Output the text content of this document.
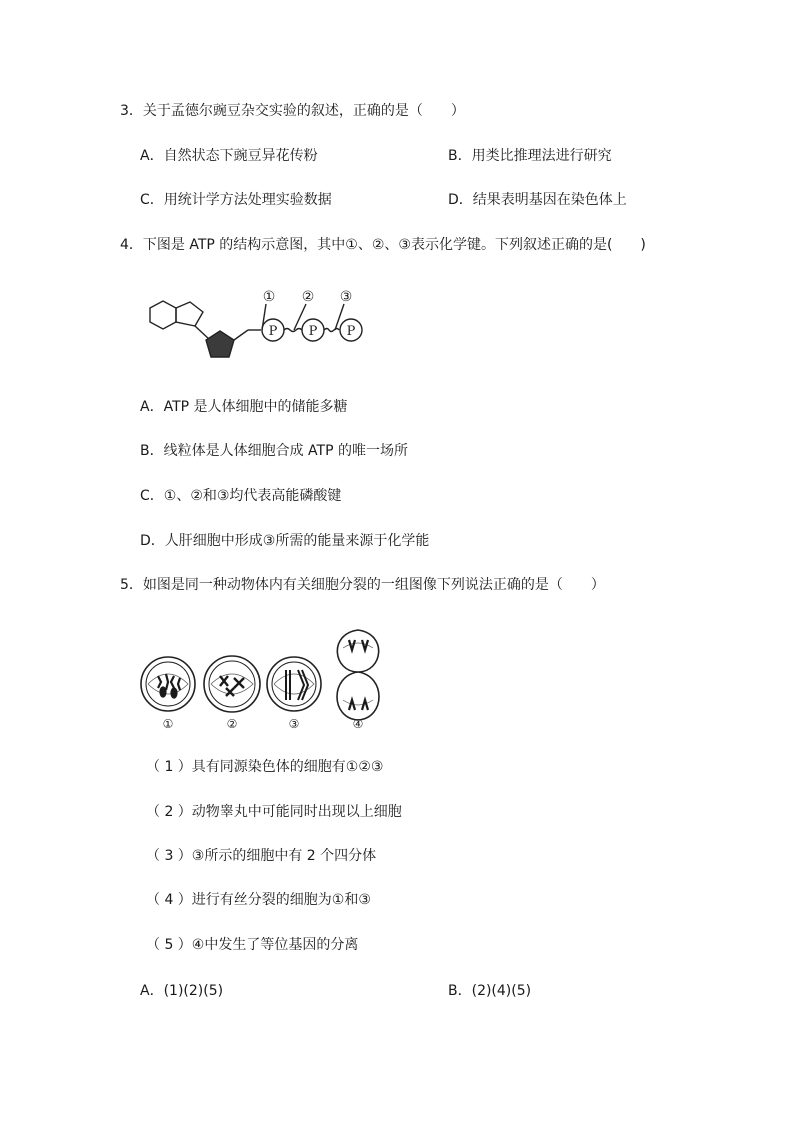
3．关于孟德尔豌豆杂交实验的叙述，正确的是（　　）
A．自然状态下豌豆异花传粉	B．用类比推理法进行研究
C．用统计学方法处理实验数据	D．结果表明基因在染色体上
4．下图是 ATP 的结构示意图，其中①、②、③表示化学键。下列叙述正确的是(　　)
P P P
① ② ③
A．ATP 是人体细胞中的储能多糖
B．线粒体是人体细胞合成 ATP 的唯一场所
C．①、②和③均代表高能磷酸键
D．人肝细胞中形成③所需的能量来源于化学能
5．如图是同一种动物体内有关细胞分裂的一组图像下列说法正确的是（　　）
①	②	③	④
（ 1 ）具有同源染色体的细胞有①②③
（ 2 ）动物睾丸中可能同时出现以上细胞
（ 3 ）③所示的细胞中有 2 个四分体
（ 4 ）进行有丝分裂的细胞为①和③
（ 5 ）④中发生了等位基因的分离
A．(1)(2)(5)	B．(2)(4)(5)
